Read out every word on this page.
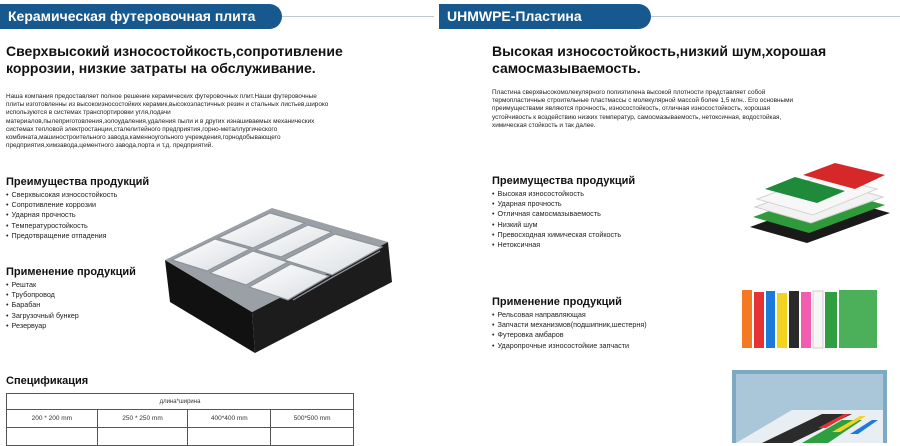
Керамическая футеровочная плита
Сверхвысокий износостойкость,сопротивление
коррозии, низкие затраты на обслуживание.
Наша компания предоставляет полное решение керамических футеровочных плит.Наши футеровочные
плиты изготовленны из высокоизносостойких керамик,высокоэластичных резин и стальных листьев,широко
используются в системах транспортировки угля,подачи
материалов,пылеприготовления,золоудаления,удаления пыли и в других изнашиваемых механических
системах тепловой электростанции,сталелитейного предприятия,горно-металлургического
комбината,машиностроительного завода,каменноугольного учреждения,горнодобывающего
предприятия,химзавода,цементного завода,порта и т.д. предприятий.
Преимущества продукций
• Сверхвысокая износостойкость
• Сопротивление коррозии
• Ударная прочность
• Температуростойкость
• Предотвращение отпадения
Применение продукций
• Рештак
• Трубопровод
• Барабан
• Загрузочный бункер
• Резервуар
Спецификация
длина*ширина			
200 * 200 mm	250 * 250 mm	400*400 mm	500*500 mm

UHMWPE-Пластина
Высокая износостойкость,низкий шум,хорошая
самосмазываемость.
Пластина сверхвысокомолекулярного полиэтилена высокой плотности представляет собой
термопластичные строительные пластмассы с молекулярной массой более 1,5 млн.. Его основными
преимуществами являются прочность, износостойкость, отличная износостойкость, хорошая
устойчивость к воздействию низких температур, самосмазываемость, нетоксичная, водостойкая,
химическая стойкость и так далее.
Преимущества продукций
• Высокая износостойкость
• Ударная прочность
• Отличная самосмазываемость
• Низкий шум
• Превосходная химическая стойкость
• Нетоксичная
Применение продукций
• Рельсовая направляющая
• Запчасти механизмов(подшипник,шестерня)
• Футеровка амбаров
• Ударопрочные износостойкие запчасти
